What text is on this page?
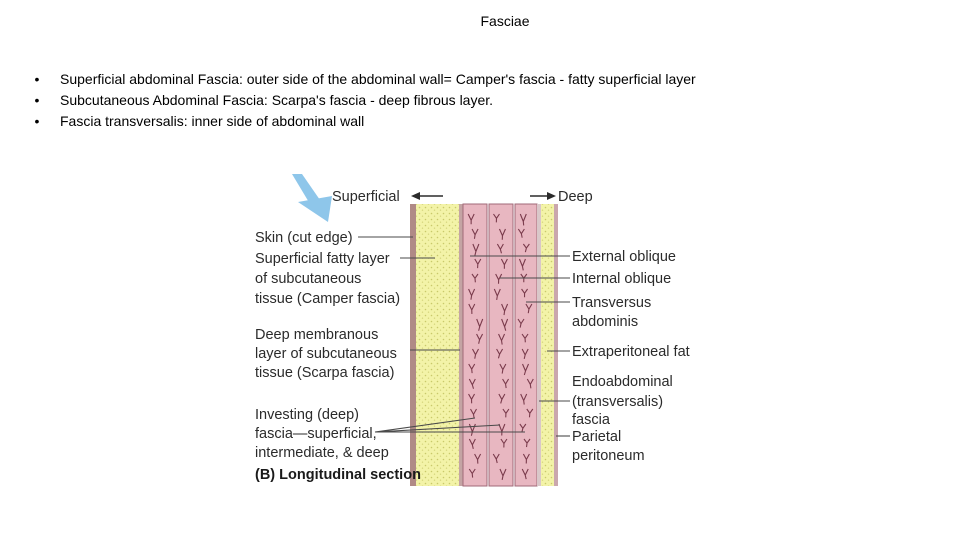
Fasciae
•	Superficial abdominal Fascia: outer side of the abdominal wall= Camper's fascia - fatty superficial layer
•	Subcutaneous Abdominal Fascia: Scarpa's fascia - deep fibrous layer.
•	Fascia transversalis: inner side of abdominal wall
Superficial	Deep
Skin (cut edge)
Superficial fatty layer
of subcutaneous
tissue (Camper fascia)
Deep membranous
layer of subcutaneous
tissue (Scarpa fascia)
Investing (deep)
fascia—superficial,
intermediate, & deep
(B) Longitudinal section
External oblique
Internal oblique
Transversus
abdominis
Extraperitoneal fat
Endoabdominal
(transversalis)
fascia
Parietal
peritoneum
